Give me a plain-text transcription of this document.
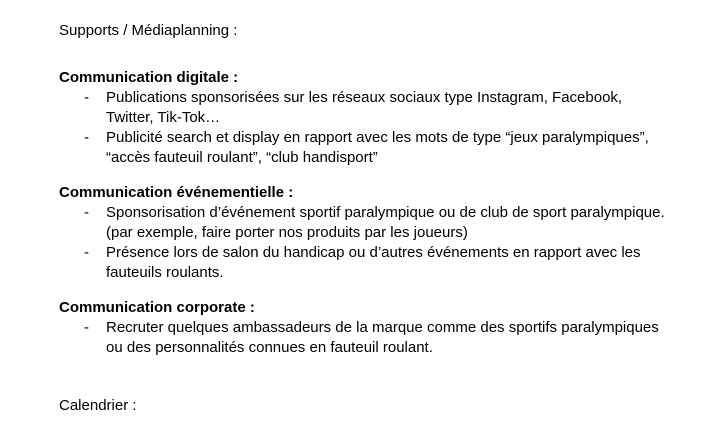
Supports / Médiaplanning :

Communication digitale :

-	Publications sponsorisées sur les réseaux sociaux type Instagram, Facebook,
Twitter, Tik-Tok…
-	Publicité search et display en rapport avec les mots de type “jeux paralympiques”,
“accès fauteuil roulant”, “club handisport”

Communication événementielle :

-	Sponsorisation d’événement sportif paralympique ou de club de sport paralympique.
(par exemple, faire porter nos produits par les joueurs)
-	Présence lors de salon du handicap ou d’autres événements en rapport avec les
fauteuils roulants.

Communication corporate :

-	Recruter quelques ambassadeurs de la marque comme des sportifs paralympiques
ou des personnalités connues en fauteuil roulant.

Calendrier :
